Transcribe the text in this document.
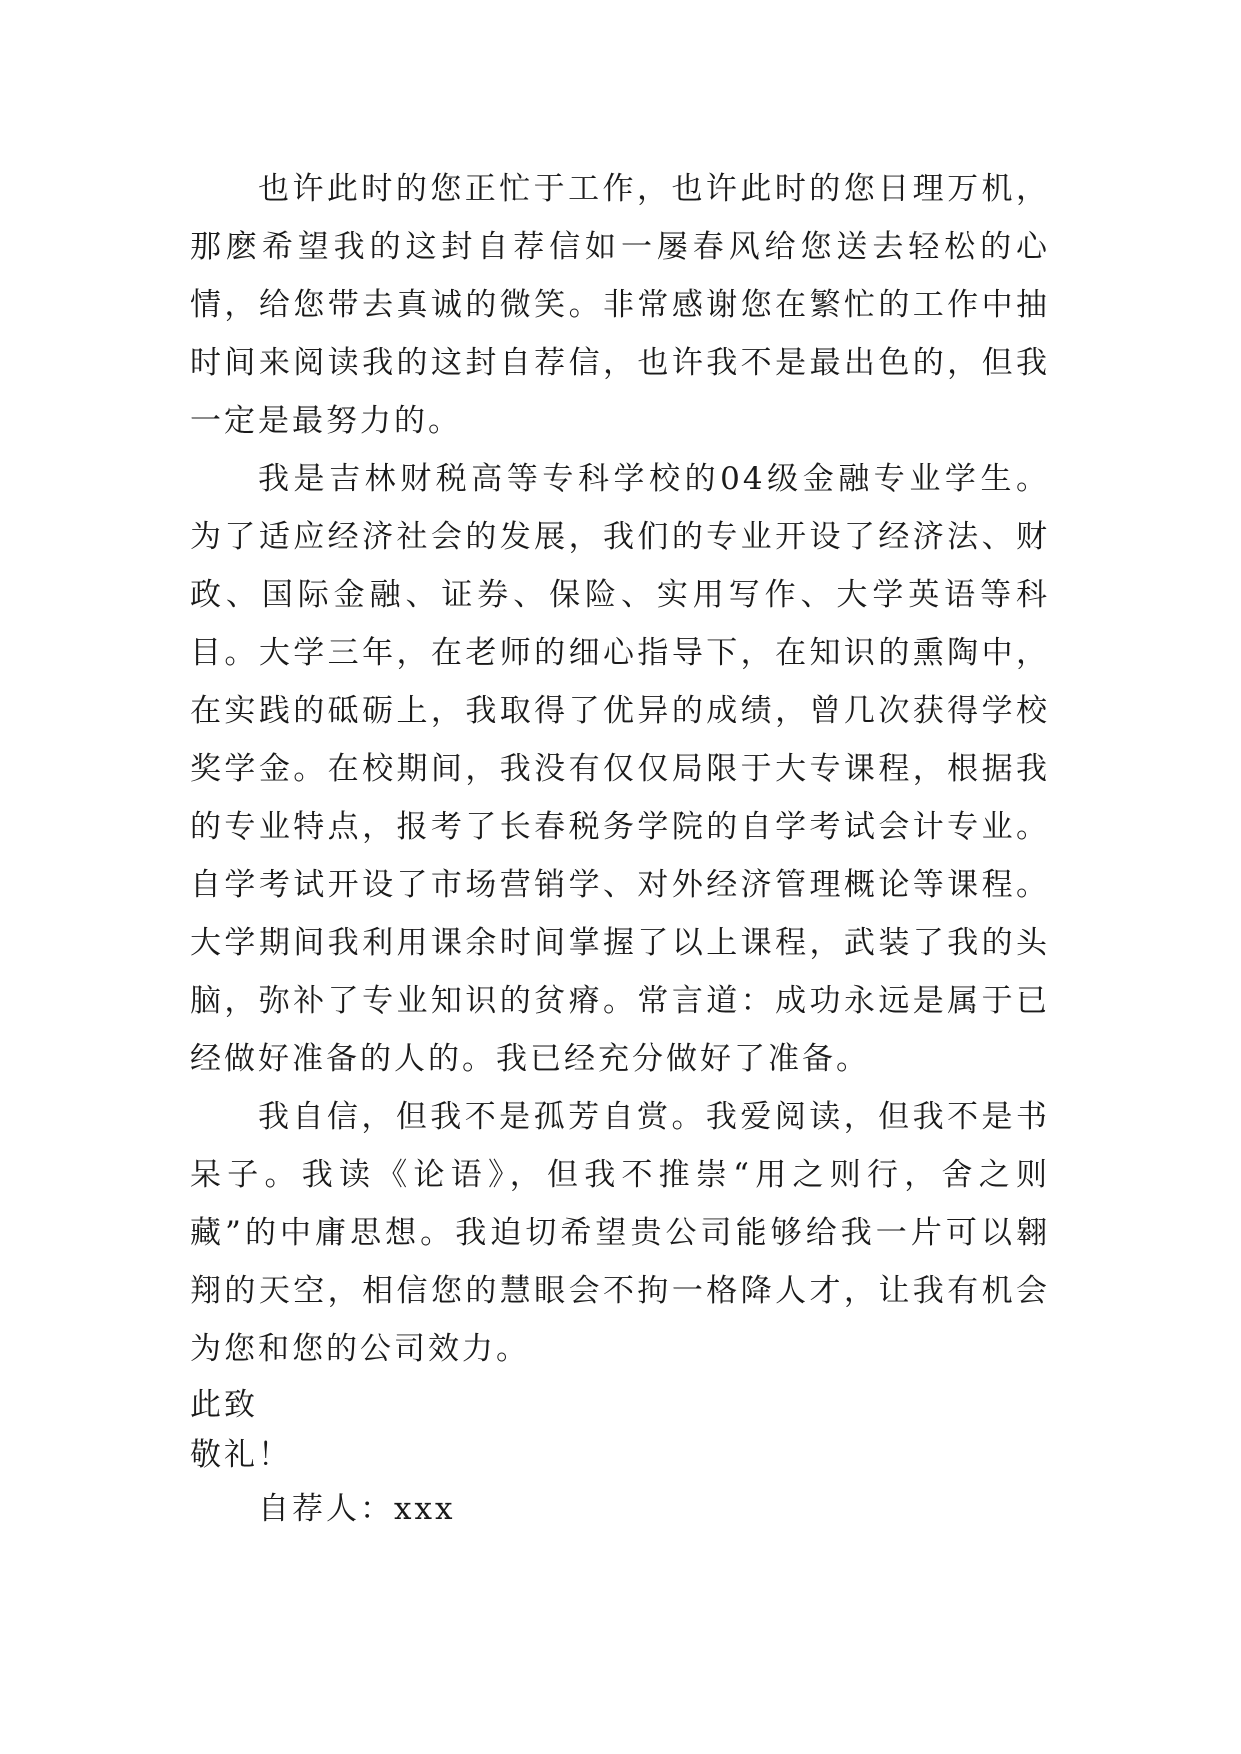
也许此时的您正忙于工作，也许此时的您日理万机，那麽希望我的这封自荐信如一屡春风给您送去轻松的心情，给您带去真诚的微笑。非常感谢您在繁忙的工作中抽时间来阅读我的这封自荐信，也许我不是最出色的，但我一定是最努力的。

我是吉林财税高等专科学校的04级金融专业学生。为了适应经济社会的发展，我们的专业开设了经济法、财政、国际金融、证券、保险、实用写作、大学英语等科目。大学三年，在老师的细心指导下，在知识的熏陶中，在实践的砥砺上，我取得了优异的成绩，曾几次获得学校奖学金。在校期间，我没有仅仅局限于大专课程，根据我的专业特点，报考了长春税务学院的自学考试会计专业。自学考试开设了市场营销学、对外经济管理概论等课程。大学期间我利用课余时间掌握了以上课程，武装了我的头脑，弥补了专业知识的贫瘠。常言道：成功永远是属于已经做好准备的人的。我已经充分做好了准备。

我自信，但我不是孤芳自赏。我爱阅读，但我不是书呆子。我读《论语》，但我不推崇“用之则行，舍之则藏”的中庸思想。我迫切希望贵公司能够给我一片可以翱翔的天空，相信您的慧眼会不拘一格降人才，让我有机会为您和您的公司效力。

此致

敬礼！

自荐人：xxx
